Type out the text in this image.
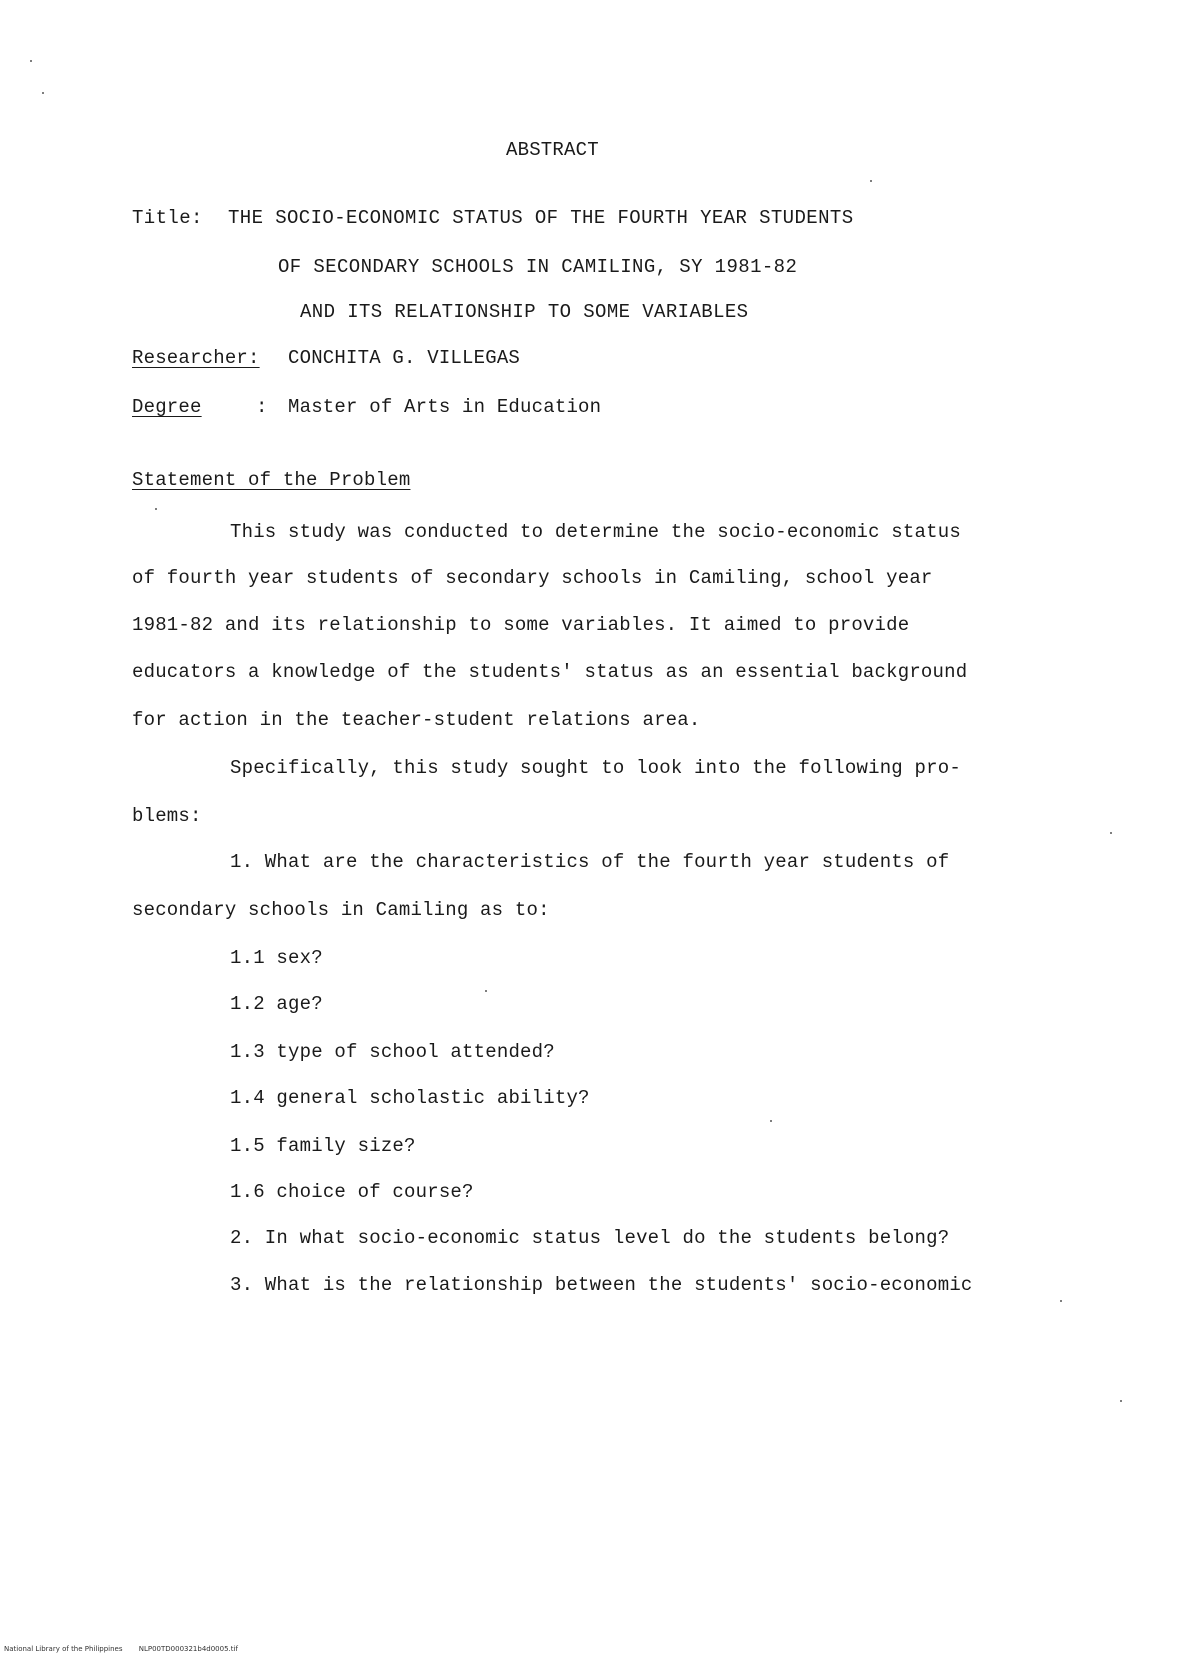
ABSTRACT
Title: THE SOCIO-ECONOMIC STATUS OF THE FOURTH YEAR STUDENTS
OF SECONDARY SCHOOLS IN CAMILING, SY 1981-82
AND ITS RELATIONSHIP TO SOME VARIABLES
Researcher: CONCHITA G. VILLEGAS
Degree	: Master of Arts in Education
Statement of the Problem
This study was conducted to determine the socio-economic status
of fourth year students of secondary schools in Camiling, school year
1981-82 and its relationship to some variables. It aimed to provide
educators a knowledge of the students' status as an essential background
for action in the teacher-student relations area.
Specifically, this study sought to look into the following pro-
blems:
1. What are the characteristics of the fourth year students of
secondary schools in Camiling as to:
1.1 sex?
1.2 age?
1.3 type of school attended?
1.4 general scholastic ability?
1.5 family size?
1.6 choice of course?
2. In what socio-economic status level do the students belong?
3. What is the relationship between the students' socio-economic
National Library of the Philippines NLP00TD000321b4d0005.tif
